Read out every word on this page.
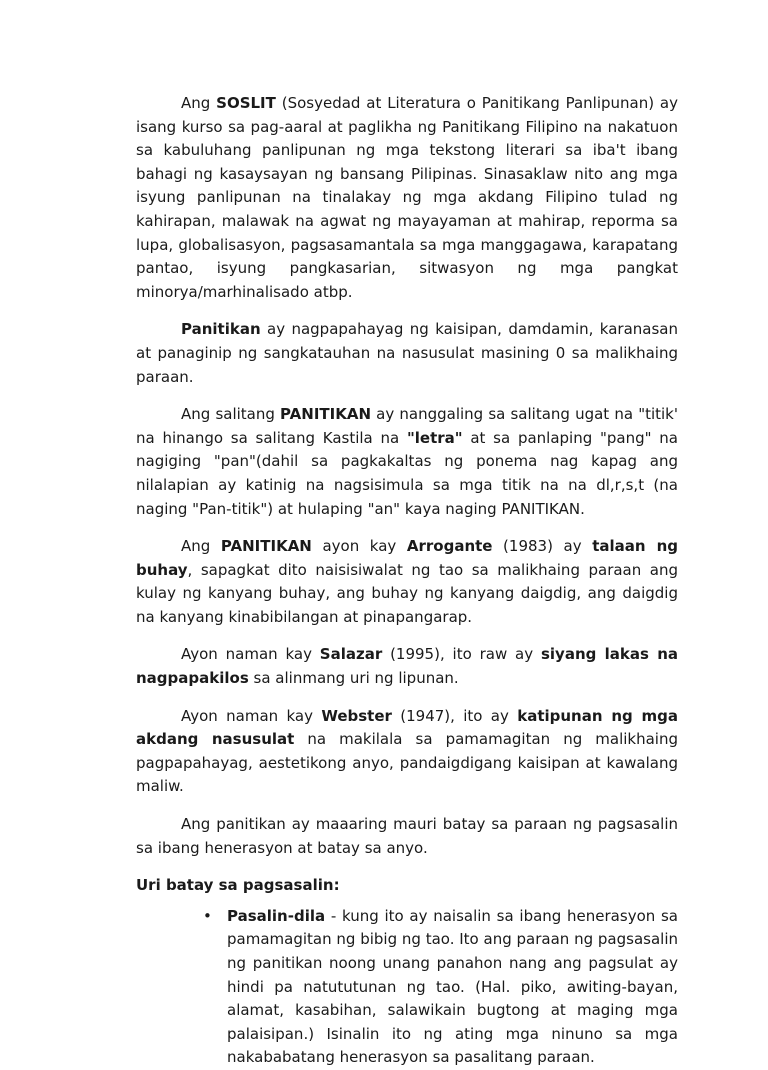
Ang SOSLIT (Sosyedad at Literatura o Panitikang Panlipunan) ay isang kurso sa pag-aaral at paglikha ng Panitikang Filipino na nakatuon sa kabuluhang panlipunan ng mga tekstong literari sa iba't ibang bahagi ng kasaysayan ng bansang Pilipinas. Sinasaklaw nito ang mga isyung panlipunan na tinalakay ng mga akdang Filipino tulad ng kahirapan, malawak na agwat ng mayayaman at mahirap, reporma sa lupa, globalisasyon, pagsasamantala sa mga manggagawa, karapatang pantao, isyung pangkasarian, sitwasyon ng mga pangkat minorya/marhinalisado atbp.

Panitikan ay nagpapahayag ng kaisipan, damdamin, karanasan at panaginip ng sangkatauhan na nasusulat masining 0 sa malikhaing paraan.

Ang salitang PANITIKAN ay nanggaling sa salitang ugat na "titik' na hinango sa salitang Kastila na "letra" at sa panlaping "pang" na nagiging "pan"(dahil sa pagkakaltas ng ponema nag kapag ang nilalapian ay katinig na nagsisimula sa mga titik na na dl,r,s,t (na naging "Pan-titik") at hulaping "an" kaya naging PANITIKAN.

Ang PANITIKAN ayon kay Arrogante (1983) ay talaan ng buhay, sapagkat dito naisisiwalat ng tao sa malikhaing paraan ang kulay ng kanyang buhay, ang buhay ng kanyang daigdig, ang daigdig na kanyang kinabibilangan at pinapangarap.

Ayon naman kay Salazar (1995), ito raw ay siyang lakas na nagpapakilos sa alinmang uri ng lipunan.

Ayon naman kay Webster (1947), ito ay katipunan ng mga akdang nasusulat na makilala sa pamamagitan ng malikhaing pagpapahayag, aestetikong anyo, pandaigdigang kaisipan at kawalang maliw.

Ang panitikan ay maaaring mauri batay sa paraan ng pagsasalin sa ibang henerasyon at batay sa anyo.

Uri batay sa pagsasalin:
• Pasalin-dila - kung ito ay naisalin sa ibang henerasyon sa pamamagitan ng bibig ng tao. Ito ang paraan ng pagsasalin ng panitikan noong unang panahon nang ang pagsulat ay hindi pa natututunan ng tao. (Hal. piko, awiting-bayan, alamat, kasabihan, salawikain bugtong at maging mga palaisipan.) Isinalin ito ng ating mga ninuno sa mga nakababatang henerasyon sa pasalitang paraan.
